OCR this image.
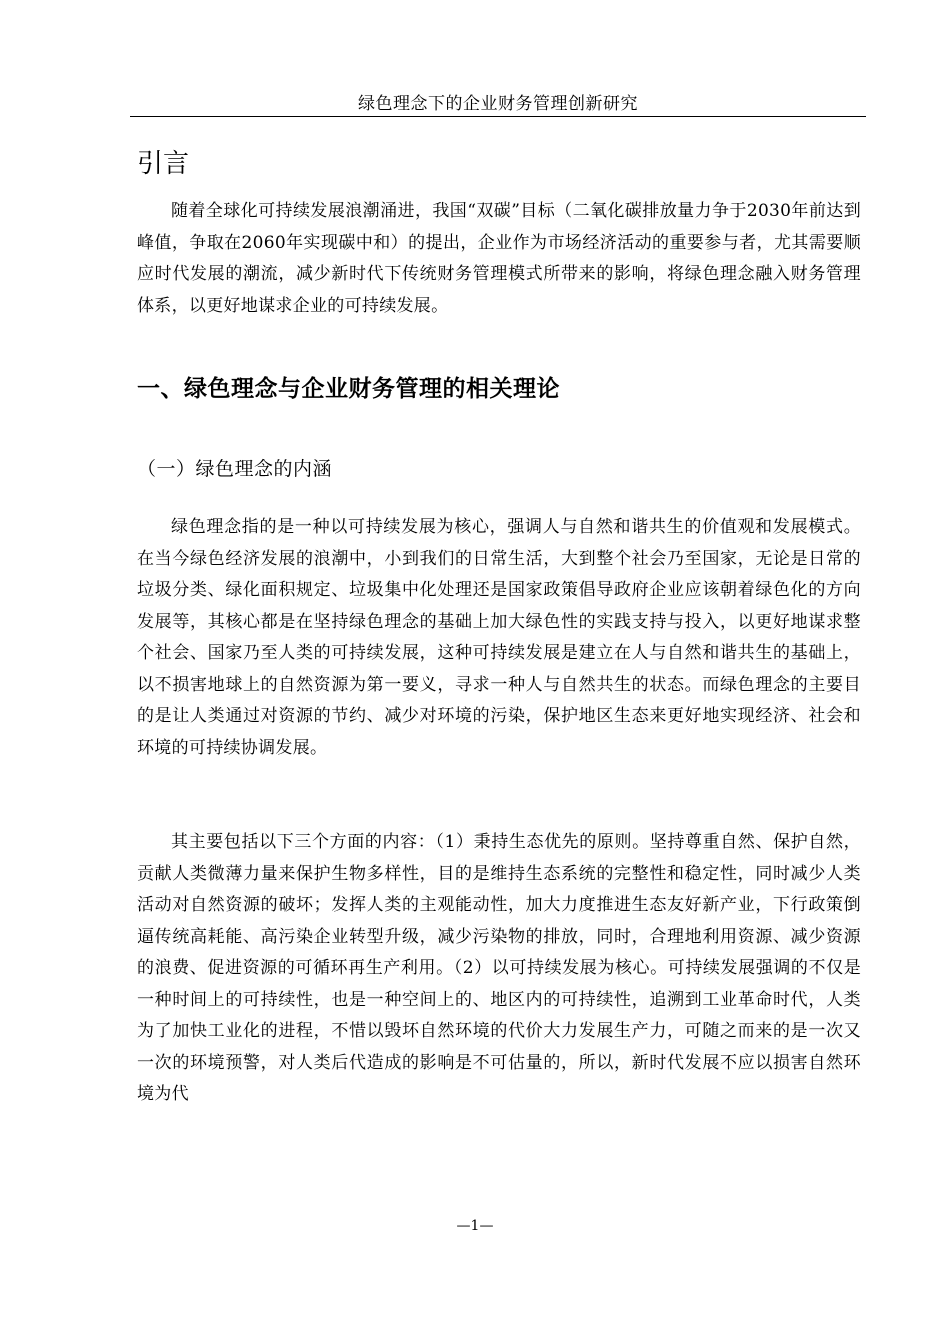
绿色理念下的企业财务管理创新研究
引言

随着全球化可持续发展浪潮涌进，我国“双碳”目标（二氧化碳排放量力争于2030年前达到峰值，争取在2060年实现碳中和）的提出，企业作为市场经济活动的重要参与者，尤其需要顺应时代发展的潮流，减少新时代下传统财务管理模式所带来的影响，将绿色理念融入财务管理体系，以更好地谋求企业的可持续发展。

一、绿色理念与企业财务管理的相关理论
（一）绿色理念的内涵

绿色理念指的是一种以可持续发展为核心，强调人与自然和谐共生的价值观和发展模式。在当今绿色经济发展的浪潮中，小到我们的日常生活，大到整个社会乃至国家，无论是日常的垃圾分类、绿化面积规定、垃圾集中化处理还是国家政策倡导政府企业应该朝着绿色化的方向发展等，其核心都是在坚持绿色理念的基础上加大绿色性的实践支持与投入，以更好地谋求整个社会、国家乃至人类的可持续发展，这种可持续发展是建立在人与自然和谐共生的基础上，以不损害地球上的自然资源为第一要义，寻求一种人与自然共生的状态。而绿色理念的主要目的是让人类通过对资源的节约、减少对环境的污染，保护地区生态来更好地实现经济、社会和环境的可持续协调发展。

其主要包括以下三个方面的内容：（1）秉持生态优先的原则。坚持尊重自然、保护自然，贡献人类微薄力量来保护生物多样性，目的是维持生态系统的完整性和稳定性，同时减少人类活动对自然资源的破坏；发挥人类的主观能动性，加大力度推进生态友好新产业，下行政策倒逼传统高耗能、高污染企业转型升级，减少污染物的排放，同时，合理地利用资源、减少资源的浪费、促进资源的可循环再生产利用。（2）以可持续发展为核心。可持续发展强调的不仅是一种时间上的可持续性，也是一种空间上的、地区内的可持续性，追溯到工业革命时代，人类为了加快工业化的进程，不惜以毁坏自然环境的代价大力发展生产力，可随之而来的是一次又一次的环境预警，对人类后代造成的影响是不可估量的，所以，新时代发展不应以损害自然环境为代

—1—
